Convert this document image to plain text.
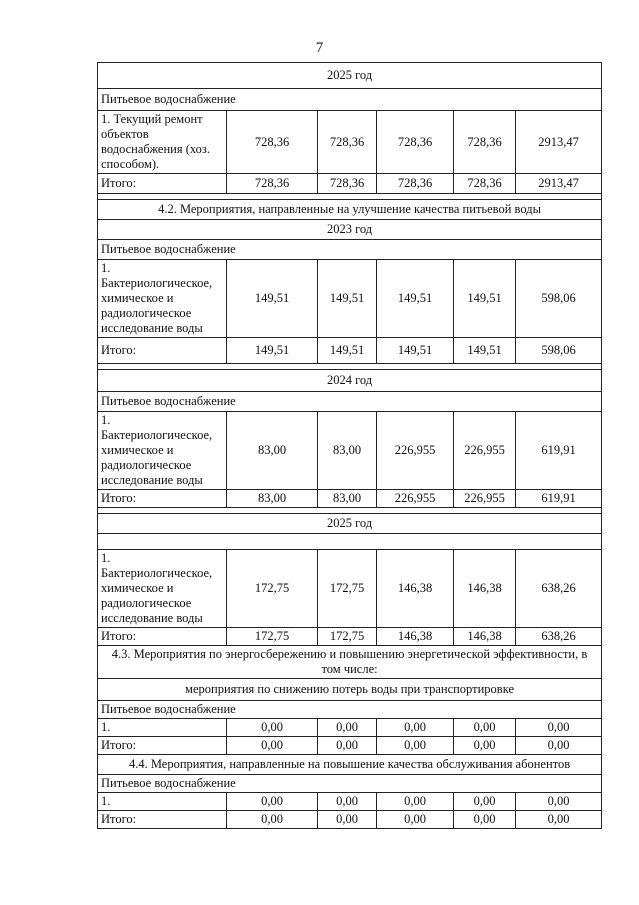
7
2025 год					
Питьевое водоснабжение					
1. Текущий ремонт объектов водоснабжения (хоз. способом).	728,36	728,36	728,36	728,36	2913,47
Итого:	728,36	728,36	728,36	728,36	2913,47

4.2. Мероприятия, направленные на улучшение качества питьевой воды					
2023 год					
Питьевое водоснабжение					
1. Бактериологическое, химическое и радиологическое исследование воды	149,51	149,51	149,51	149,51	598,06
Итого:	149,51	149,51	149,51	149,51	598,06

2024 год					
Питьевое водоснабжение					
1. Бактериологическое, химическое и радиологическое исследование воды	83,00	83,00	226,955	226,955	619,91
Итого:	83,00	83,00	226,955	226,955	619,91

2025 год					

1. Бактериологическое, химическое и радиологическое исследование воды	172,75	172,75	146,38	146,38	638,26
Итого:	172,75	172,75	146,38	146,38	638,26
4.3. Мероприятия по энергосбережению и повышению энергетической эффективности, в том числе:					
мероприятия по снижению потерь воды при транспортировке					
Питьевое водоснабжение					
1.	0,00	0,00	0,00	0,00	0,00
Итого:	0,00	0,00	0,00	0,00	0,00
4.4. Мероприятия, направленные на повышение качества обслуживания абонентов					
Питьевое водоснабжение					
1.	0,00	0,00	0,00	0,00	0,00
Итого:	0,00	0,00	0,00	0,00	0,00
